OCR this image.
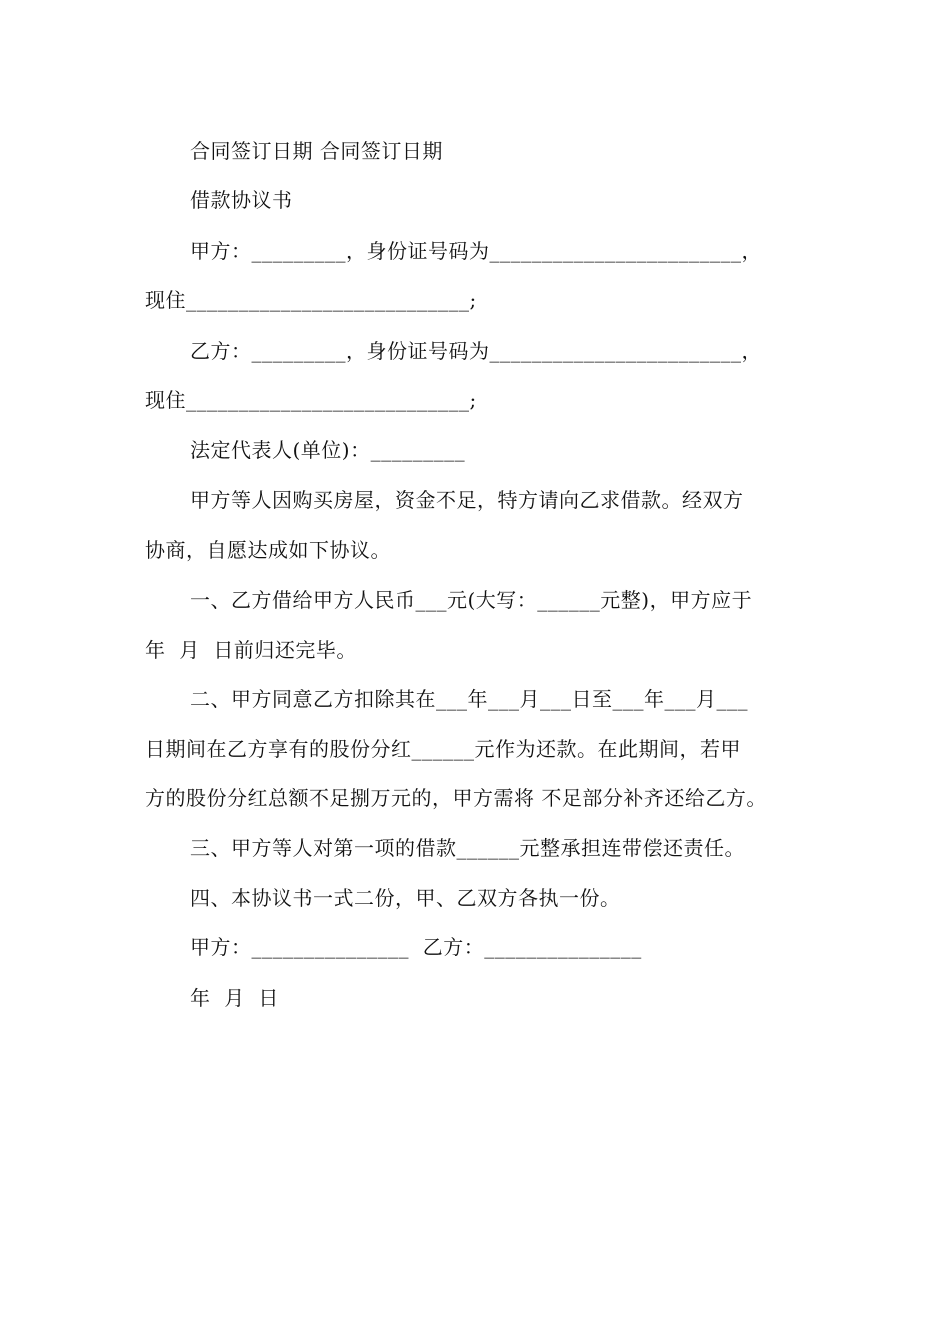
合同签订日期 合同签订日期
借款协议书
甲方：_________，身份证号码为________________________，
现住___________________________;
乙方：_________，身份证号码为________________________，
现住___________________________;
法定代表人(单位)：_________
甲方等人因购买房屋，资金不足，特方请向乙求借款。经双方
协商，自愿达成如下协议。
一、乙方借给甲方人民币___元(大写：______元整)，甲方应于
年  月  日前归还完毕。
二、甲方同意乙方扣除其在___年___月___日至___年___月___
日期间在乙方享有的股份分红______元作为还款。在此期间，若甲
方的股份分红总额不足捌万元的，甲方需将 不足部分补齐还给乙方。
三、甲方等人对第一项的借款______元整承担连带偿还责任。
四、本协议书一式二份，甲、乙双方各执一份。
甲方：_______________  乙方：_______________
年  月  日
